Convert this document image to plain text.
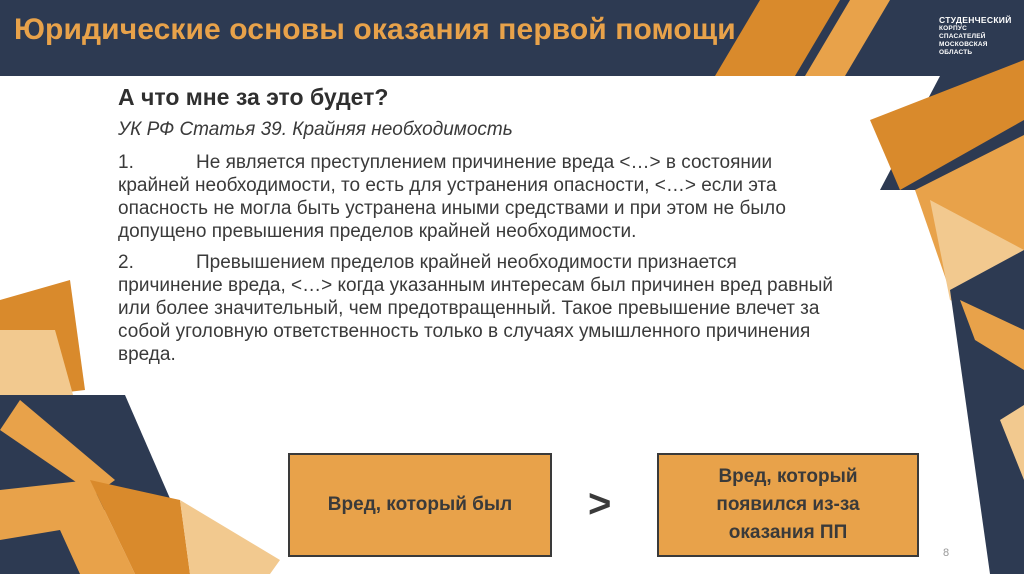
Юридические основы оказания первой помощи	СТУДЕНЧЕСКИЙ
КОРПУС СПАСАТЕЛЕЙ
МОСКОВСКАЯ ОБЛАСТЬ
А что мне за это будет?
УК РФ Статья 39. Крайняя необходимость
1.	Не является преступлением причинение вреда <…> в состоянии крайней необходимости, то есть для устранения опасности, <…> если эта опасность не могла быть устранена иными средствами и при этом не было допущено превышения пределов крайней необходимости.
2.	Превышением пределов крайней необходимости признается причинение вреда, <…> когда указанным интересам был причинен вред равный или более значительный, чем предотвращенный. Такое превышение влечет за собой уголовную ответственность только в случаях умышленного причинения вреда.
Вред, который был >
Вред, который появился из-за оказания ПП
8
